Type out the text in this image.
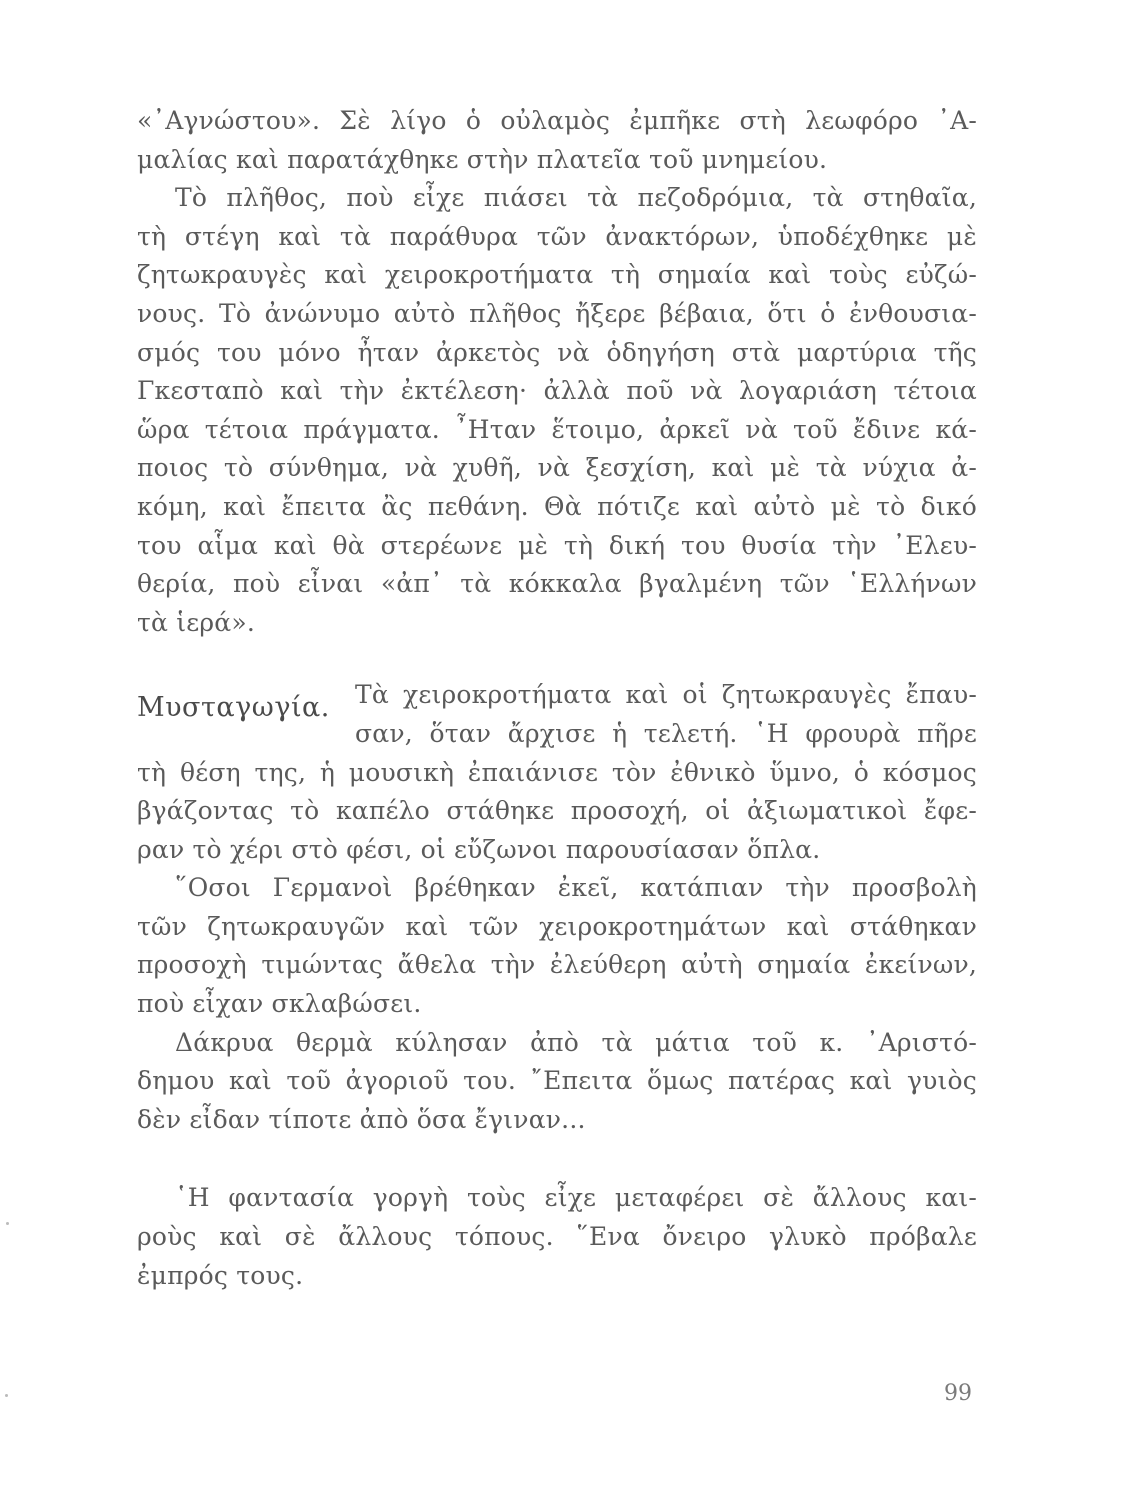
«᾿Αγνώστου». Σὲ λίγο ὁ οὐλαμὸς ἐμπῆκε στὴ λεωφόρο ᾿Α-
μαλίας καὶ παρατάχθηκε στὴν πλατεῖα τοῦ μνημείου.
Τὸ πλῆθος, ποὺ εἶχε πιάσει τὰ πεζοδρόμια, τὰ στηθαῖα,
τὴ στέγη καὶ τὰ παράθυρα τῶν ἀνακτόρων, ὑποδέχθηκε μὲ
ζητωκραυγὲς καὶ χειροκροτήματα τὴ σημαία καὶ τοὺς εὐζώ-
νους. Τὸ ἀνώνυμο αὐτὸ πλῆθος ἤξερε βέβαια, ὅτι ὁ ἐνθουσια-
σμός του μόνο ἦταν ἀρκετὸς νὰ ὁδηγήση στὰ μαρτύρια τῆς
Γκεσταπὸ καὶ τὴν ἐκτέλεση· ἀλλὰ ποῦ νὰ λογαριάση τέτοια
ὥρα τέτοια πράγματα. ῏Ηταν ἕτοιμο, ἀρκεῖ νὰ τοῦ ἔδινε κά-
ποιος τὸ σύνθημα, νὰ χυθῆ, νὰ ξεσχίση, καὶ μὲ τὰ νύχια ἀ-
κόμη, καὶ ἔπειτα ἂς πεθάνη. Θὰ πότιζε καὶ αὐτὸ μὲ τὸ δικό
του αἷμα καὶ θὰ στερέωνε μὲ τὴ δική του θυσία τὴν ᾿Ελευ-
θερία, ποὺ εἶναι «ἀπ᾿ τὰ κόκκαλα βγαλμένη τῶν ῾Ελλήνων
τὰ ἱερά».
Μυσταγωγία. Τὰ χειροκροτήματα καὶ οἱ ζητωκραυγὲς ἔπαυ-
σαν, ὅταν ἄρχισε ἡ τελετή. ῾Η φρουρὰ πῆρε
τὴ θέση της, ἡ μουσικὴ ἐπαιάνισε τὸν ἐθνικὸ ὕμνο, ὁ κόσμος
βγάζοντας τὸ καπέλο στάθηκε προσοχή, οἱ ἀξιωματικοὶ ἔφε-
ραν τὸ χέρι στὸ φέσι, οἱ εὔζωνοι παρουσίασαν ὅπλα.
῞Οσοι Γερμανοὶ βρέθηκαν ἐκεῖ, κατάπιαν τὴν προσβολὴ
τῶν ζητωκραυγῶν καὶ τῶν χειροκροτημάτων καὶ στάθηκαν
προσοχὴ τιμώντας ἄθελα τὴν ἐλεύθερη αὐτὴ σημαία ἐκείνων,
ποὺ εἶχαν σκλαβώσει.
Δάκρυα θερμὰ κύλησαν ἀπὸ τὰ μάτια τοῦ κ. ᾿Αριστό-
δημου καὶ τοῦ ἀγοριοῦ του. ῎Επειτα ὅμως πατέρας καὶ γυιὸς
δὲν εἶδαν τίποτε ἀπὸ ὅσα ἔγιναν...
῾Η φαντασία γοργὴ τοὺς εἶχε μεταφέρει σὲ ἄλλους και-
ροὺς καὶ σὲ ἄλλους τόπους. ῞Ενα ὄνειρο γλυκὸ πρόβαλε
ἐμπρός τους.
99
